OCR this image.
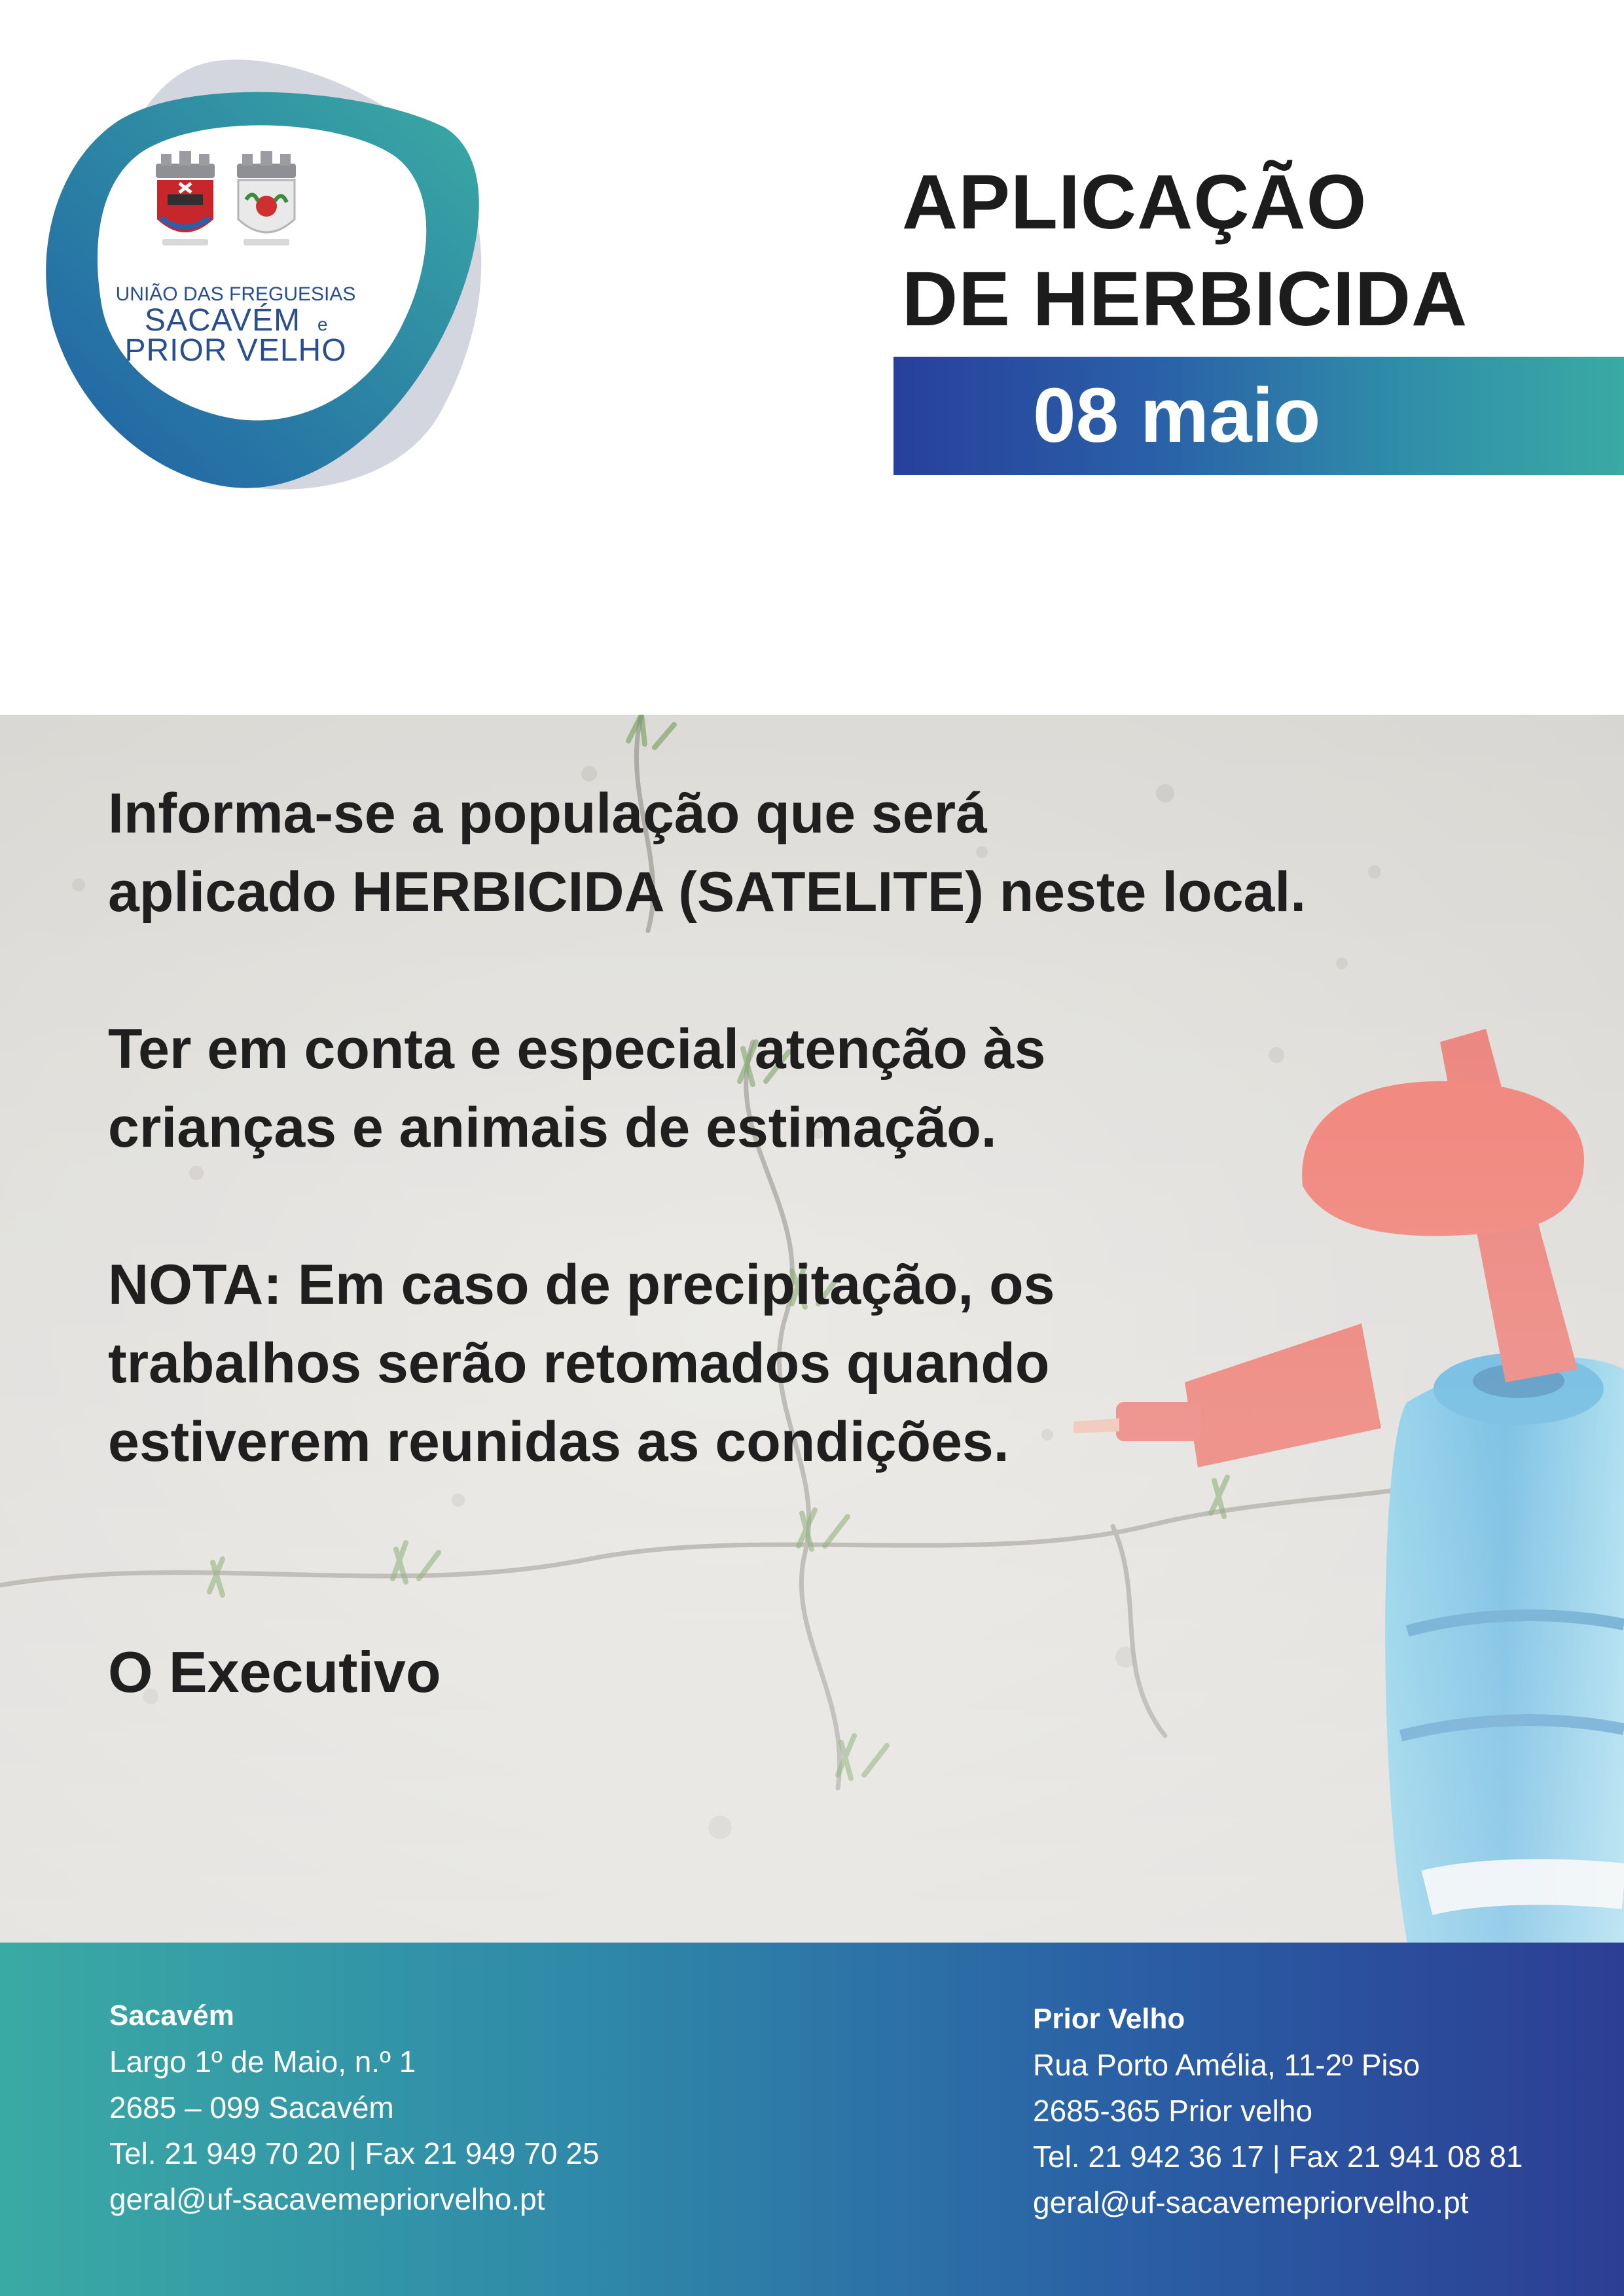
UNIÃO DAS FREGUESIAS
SACAVÉM e
PRIOR VELHO
APLICAÇÃO
DE HERBICIDA
08 maio

Informa-se a população que será
aplicado HERBICIDA (SATELITE) neste local.

Ter em conta e especial atenção às
crianças e animais de estimação.

NOTA: Em caso de precipitação, os
trabalhos serão retomados quando
estiverem reunidas as condições.

O Executivo
Sacavém
Largo 1º de Maio, n.º 1
2685 – 099 Sacavém
Tel. 21 949 70 20 | Fax 21 949 70 25
geral@uf-sacavemepriorvelho.pt
Prior Velho
Rua Porto Amélia, 11-2º Piso
2685-365 Prior velho
Tel. 21 942 36 17 | Fax 21 941 08 81
geral@uf-sacavemepriorvelho.pt
